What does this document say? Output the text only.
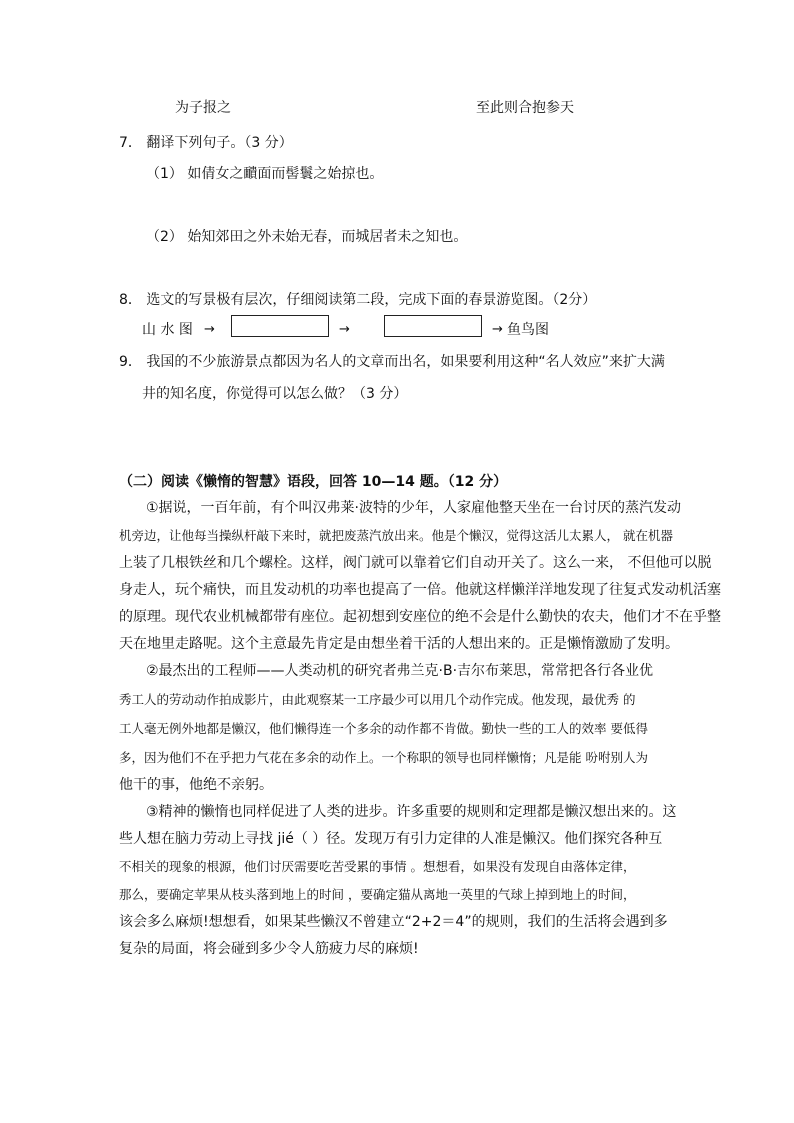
为子报之	至此则合抱参天
7． 翻译下列句子。（3 分）
（1） 如倩女之靧面而髻鬟之始掠也。
（2） 始知郊田之外未始无春，而城居者未之知也。
8． 选文的写景极有层次，仔细阅读第二段，完成下面的春景游览图。（2分）
山 水 图 →	→	→ 鱼鸟图
9． 我国的不少旅游景点都因为名人的文章而出名，如果要利用这种“名人效应”来扩大满
井的知名度，你觉得可以怎么做？（3 分）
（二）阅读《懒惰的智慧》语段，回答 10—14 题。（12 分）
①据说，一百年前，有个叫汉弗莱·波特的少年，人家雇他整天坐在一台讨厌的蒸汽发动
机旁边，让他每当操纵杆敲下来时，就把废蒸汽放出来。他是个懒汉，觉得这活儿太累人， 就在机器
上装了几根铁丝和几个螺栓。这样，阀门就可以靠着它们自动开关了。这么一来， 不但他可以脱
身走人，玩个痛快，而且发动机的功率也提高了一倍。他就这样懒洋洋地发现了往复式发动机活塞
的原理。现代农业机械都带有座位。起初想到安座位的绝不会是什么勤快的农夫，他们才不在乎整
天在地里走路呢。这个主意最先肯定是由想坐着干活的人想出来的。正是懒惰激励了发明。
②最杰出的工程师——人类动机的研究者弗兰克·B·吉尔布莱思，常常把各行各业优
秀工人的劳动动作拍成影片，由此观察某一工序最少可以用几个动作完成。他发现，最优秀 的
工人毫无例外地都是懒汉，他们懒得连一个多余的动作都不肯做。勤快一些的工人的效率 要低得
多，因为他们不在乎把力气花在多余的动作上。一个称职的领导也同样懒惰；凡是能 吩咐别人为
他干的事，他绝不亲躬。
③精神的懒惰也同样促进了人类的进步。许多重要的规则和定理都是懒汉想出来的。这
些人想在脑力劳动上寻找 jié（ ）径。发现万有引力定律的人准是懒汉。他们探究各种互
不相关的现象的根源，他们讨厌需要吃苦受累的事情 。想想看，如果没有发现自由落体定律，
那么，要确定苹果从枝头落到地上的时间 ，要确定猫从离地一英里的气球上掉到地上的时间，
该会多么麻烦!想想看，如果某些懒汉不曾建立“2+2＝4”的规则，我们的生活将会遇到多
复杂的局面，将会碰到多少令人筋疲力尽的麻烦!
